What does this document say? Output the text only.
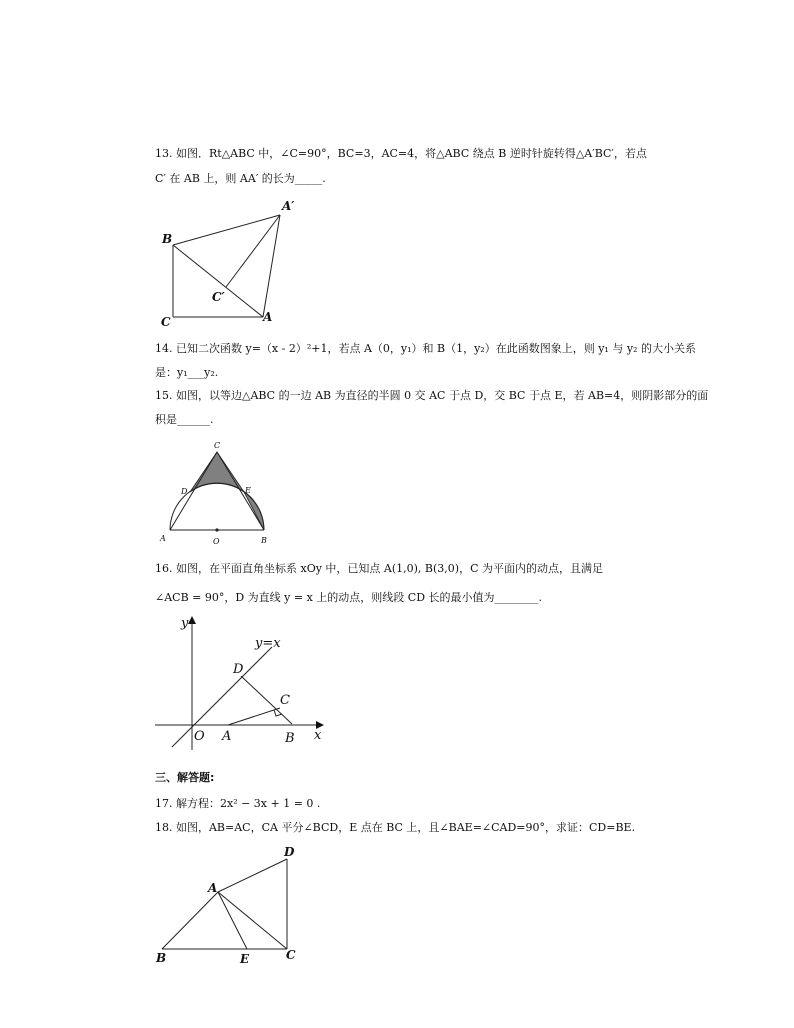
13. 如图．Rt△ABC 中，∠C=90°，BC=3，AC=4，将△ABC 绕点 B 逆时针旋转得△A′BC′，若点
C′ 在 AB 上，则 AA′ 的长为_____.
A′
B
C′
C	A
14. 已知二次函数 y=（x - 2）²+1，若点 A（0，y₁）和 B（1，y₂）在此函数图象上，则 y₁ 与 y₂ 的大小关系
是：y₁___y₂.
15. 如图，以等边△ABC 的一边 AB 为直径的半圆 0 交 AC 于点 D，交 BC 于点 E，若 AB=4，则阴影部分的面
积是______.
C
D	E
A	O	B
16. 如图，在平面直角坐标系 xOy 中，已知点 A(1,0), B(3,0)，C 为平面内的动点，且满足
∠ACB = 90°，D 为直线 y = x 上的动点，则线段 CD 长的最小值为________.
y
y=x
D
C
O A	B x
三、解答题:
17. 解方程：2x² − 3x + 1 = 0 .
18. 如图，AB=AC，CA 平分∠BCD，E 点在 BC 上，且∠BAE=∠CAD=90°，求证：CD=BE.
D
A
B	E	C
